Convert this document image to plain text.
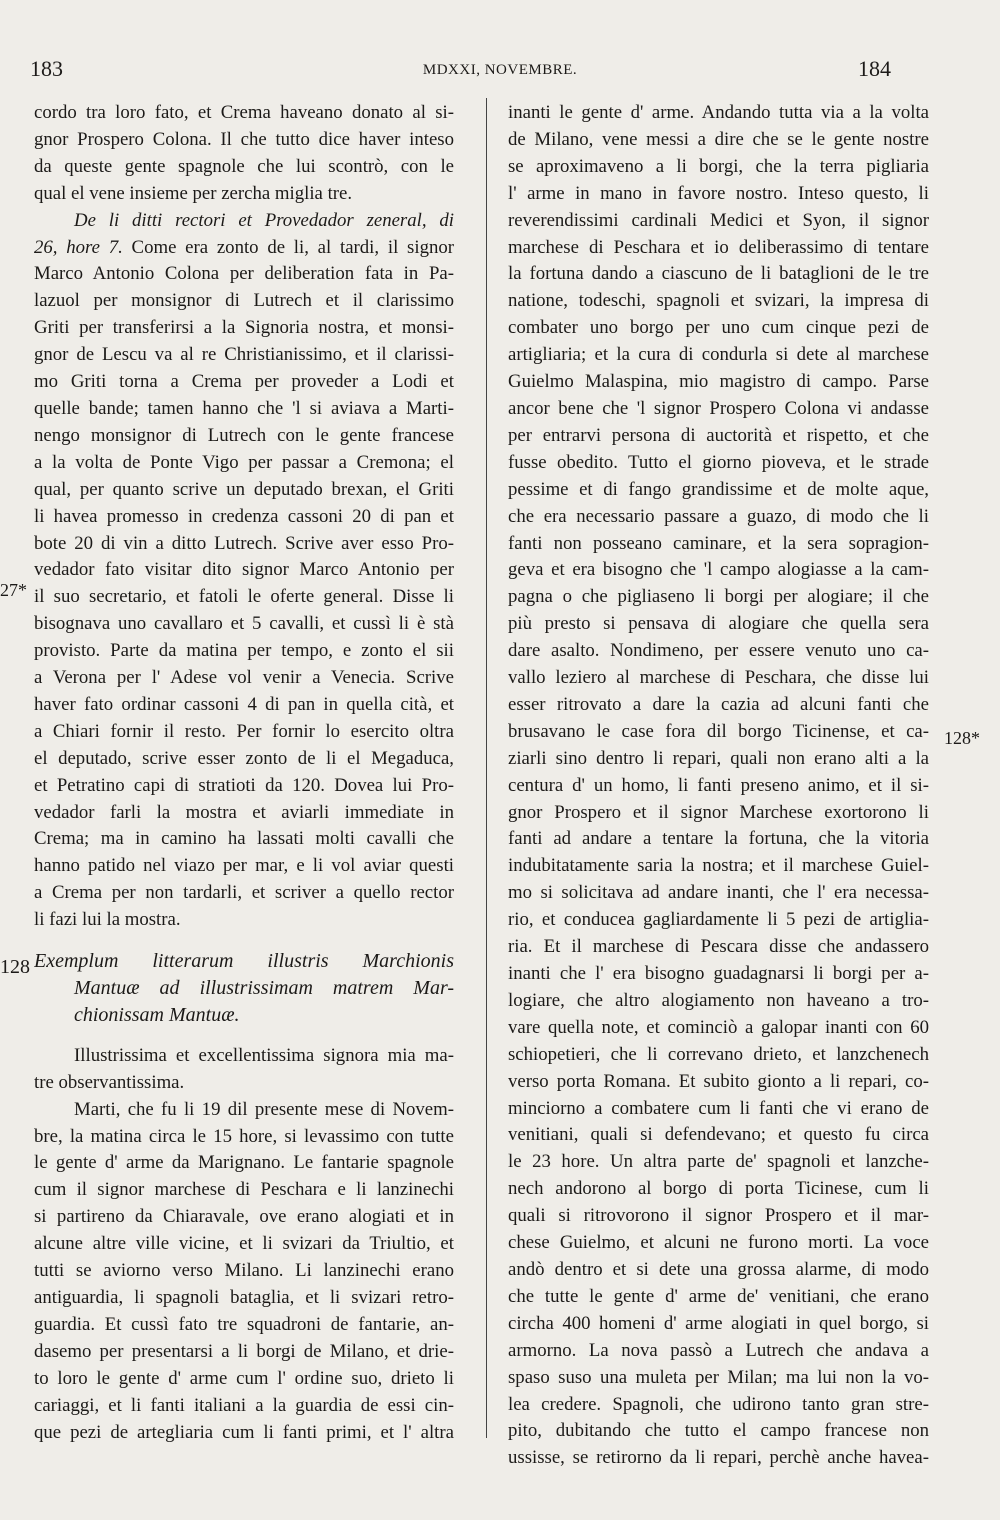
183	MDXXI, NOVEMBRE.	184
27*
128
128*
cordo tra loro fato, et Crema haveano donato al si-
gnor Prospero Colona. Il che tutto dice haver inteso
da queste gente spagnole che lui scontrò, con le
qual el vene insieme per zercha miglia tre.
De li ditti rectori et Provedador zeneral, di
26, hore 7. Come era zonto de li, al tardi, il signor
Marco Antonio Colona per deliberation fata in Pa-
lazuol per monsignor di Lutrech et il clarissimo
Griti per transferirsi a la Signoria nostra, et monsi-
gnor de Lescu va al re Christianissimo, et il clarissi-
mo Griti torna a Crema per proveder a Lodi et
quelle bande; tamen hanno che 'l si aviava a Marti-
nengo monsignor di Lutrech con le gente francese
a la volta de Ponte Vigo per passar a Cremona; el
qual, per quanto scrive un deputado brexan, el Griti
li havea promesso in credenza cassoni 20 di pan et
bote 20 di vin a ditto Lutrech. Scrive aver esso Pro-
vedador fato visitar dito signor Marco Antonio per
il suo secretario, et fatoli le oferte general. Disse li
bisognava uno cavallaro et 5 cavalli, et cussì li è stà
provisto. Parte da matina per tempo, e zonto el sii
a Verona per l' Adese vol venir a Venecia. Scrive
haver fato ordinar cassoni 4 di pan in quella cità, et
a Chiari fornir il resto. Per fornir lo esercito oltra
el deputado, scrive esser zonto de li el Megaduca,
et Petratino capi di stratioti da 120. Dovea lui Pro-
vedador farli la mostra et aviarli immediate in
Crema; ma in camino ha lassati molti cavalli che
hanno patido nel viazo per mar, e li vol aviar questi
a Crema per non tardarli, et scriver a quello rector
li fazi lui la mostra.
Exemplum litterarum illustris Marchionis
Mantuæ ad illustrissimam matrem Mar-
chionissam Mantuæ.
Illustrissima et excellentissima signora mia ma-
tre observantissima.
Marti, che fu li 19 dil presente mese di Novem-
bre, la matina circa le 15 hore, si levassimo con tutte
le gente d' arme da Marignano. Le fantarie spagnole
cum il signor marchese di Peschara e li lanzinechi
si partireno da Chiaravale, ove erano alogiati et in
alcune altre ville vicine, et li svizari da Triultio, et
tutti se aviorno verso Milano. Li lanzinechi erano
antiguardia, li spagnoli bataglia, et li svizari retro-
guardia. Et cussì fato tre squadroni de fantarie, an-
dasemo per presentarsi a li borgi de Milano, et drie-
to loro le gente d' arme cum l' ordine suo, drieto li
cariaggi, et li fanti italiani a la guardia de essi cin-
que pezi de artegliaria cum li fanti primi, et l' altra
inanti le gente d' arme. Andando tutta via a la volta
de Milano, vene messi a dire che se le gente nostre
se aproximaveno a li borgi, che la terra pigliaria
l' arme in mano in favore nostro. Inteso questo, li
reverendissimi cardinali Medici et Syon, il signor
marchese di Peschara et io deliberassimo di tentare
la fortuna dando a ciascuno de li bataglioni de le tre
natione, todeschi, spagnoli et svizari, la impresa di
combater uno borgo per uno cum cinque pezi de
artigliaria; et la cura di condurla si dete al marchese
Guielmo Malaspina, mio magistro di campo. Parse
ancor bene che 'l signor Prospero Colona vi andasse
per entrarvi persona di auctorità et rispetto, et che
fusse obedito. Tutto el giorno pioveva, et le strade
pessime et di fango grandissime et de molte aque,
che era necessario passare a guazo, di modo che li
fanti non posseano caminare, et la sera sopragion-
geva et era bisogno che 'l campo alogiasse a la cam-
pagna o che pigliaseno li borgi per alogiare; il che
più presto si pensava di alogiare che quella sera
dare asalto. Nondimeno, per essere venuto uno ca-
vallo leziero al marchese di Peschara, che disse lui
esser ritrovato a dare la cazia ad alcuni fanti che
brusavano le case fora dil borgo Ticinense, et ca-
ziarli sino dentro li repari, quali non erano alti a la
centura d' un homo, li fanti preseno animo, et il si-
gnor Prospero et il signor Marchese exortorono li
fanti ad andare a tentare la fortuna, che la vitoria
indubitatamente saria la nostra; et il marchese Guiel-
mo si solicitava ad andare inanti, che l' era necessa-
rio, et conducea gagliardamente li 5 pezi de artiglia-
ria. Et il marchese di Pescara disse che andassero
inanti che l' era bisogno guadagnarsi li borgi per a-
logiare, che altro alogiamento non haveano a tro-
vare quella note, et cominciò a galopar inanti con 60
schiopetieri, che li correvano drieto, et lanzchenech
verso porta Romana. Et subito gionto a li repari, co-
minciorno a combatere cum li fanti che vi erano de
venitiani, quali si defendevano; et questo fu circa
le 23 hore. Un altra parte de' spagnoli et lanzche-
nech andorono al borgo di porta Ticinese, cum li
quali si ritrovorono il signor Prospero et il mar-
chese Guielmo, et alcuni ne furono morti. La voce
andò dentro et si dete una grossa alarme, di modo
che tutte le gente d' arme de' venitiani, che erano
circha 400 homeni d' arme alogiati in quel borgo, si
armorno. La nova passò a Lutrech che andava a
spaso suso una muleta per Milan; ma lui non la vo-
lea credere. Spagnoli, che udirono tanto gran stre-
pito, dubitando che tutto el campo francese non
ussisse, se retirorno da li repari, perchè anche havea-
